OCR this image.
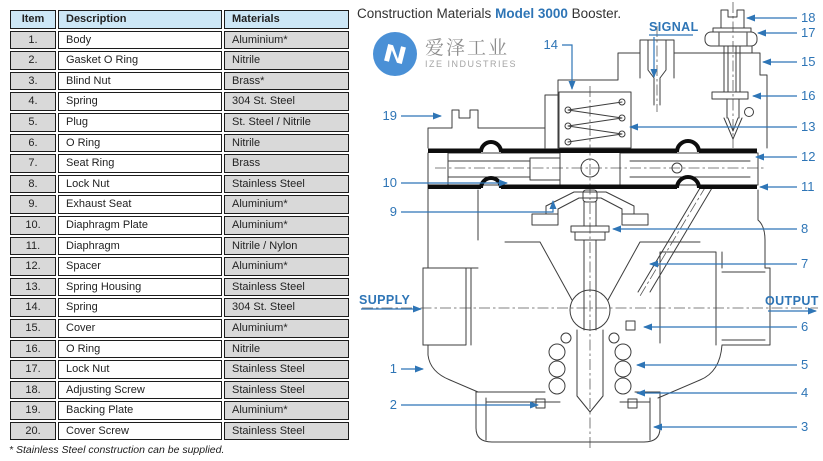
Item	Description	Materials
1.	Body	Aluminium*
2.	Gasket O Ring	Nitrile
3.	Blind Nut	Brass*
4.	Spring	304 St. Steel
5.	Plug	St. Steel / Nitrile
6.	O Ring	Nitrile
7.	Seat Ring	Brass
8.	Lock Nut	Stainless Steel
9.	Exhaust Seat	Aluminium*
10.	Diaphragm Plate	Aluminium*
11.	Diaphragm	Nitrile / Nylon
12.	Spacer	Aluminium*
13.	Spring Housing	Stainless Steel
14.	Spring	304 St. Steel
15.	Cover	Aluminium*
16.	O Ring	Nitrile
17.	Lock Nut	Stainless Steel
18.	Adjusting Screw	Stainless Steel
19.	Backing Plate	Aluminium*
20.	Cover Screw	Stainless Steel
* Stainless Steel construction can be supplied.
Construction Materials Model 3000 Booster.
爱泽工业
IZE INDUSTRIES
18
17
15
16
13
12
11
8
7
6
5
4
3
14
19
10
9
1
2
SIGNAL
SUPPLY	OUTPUT
